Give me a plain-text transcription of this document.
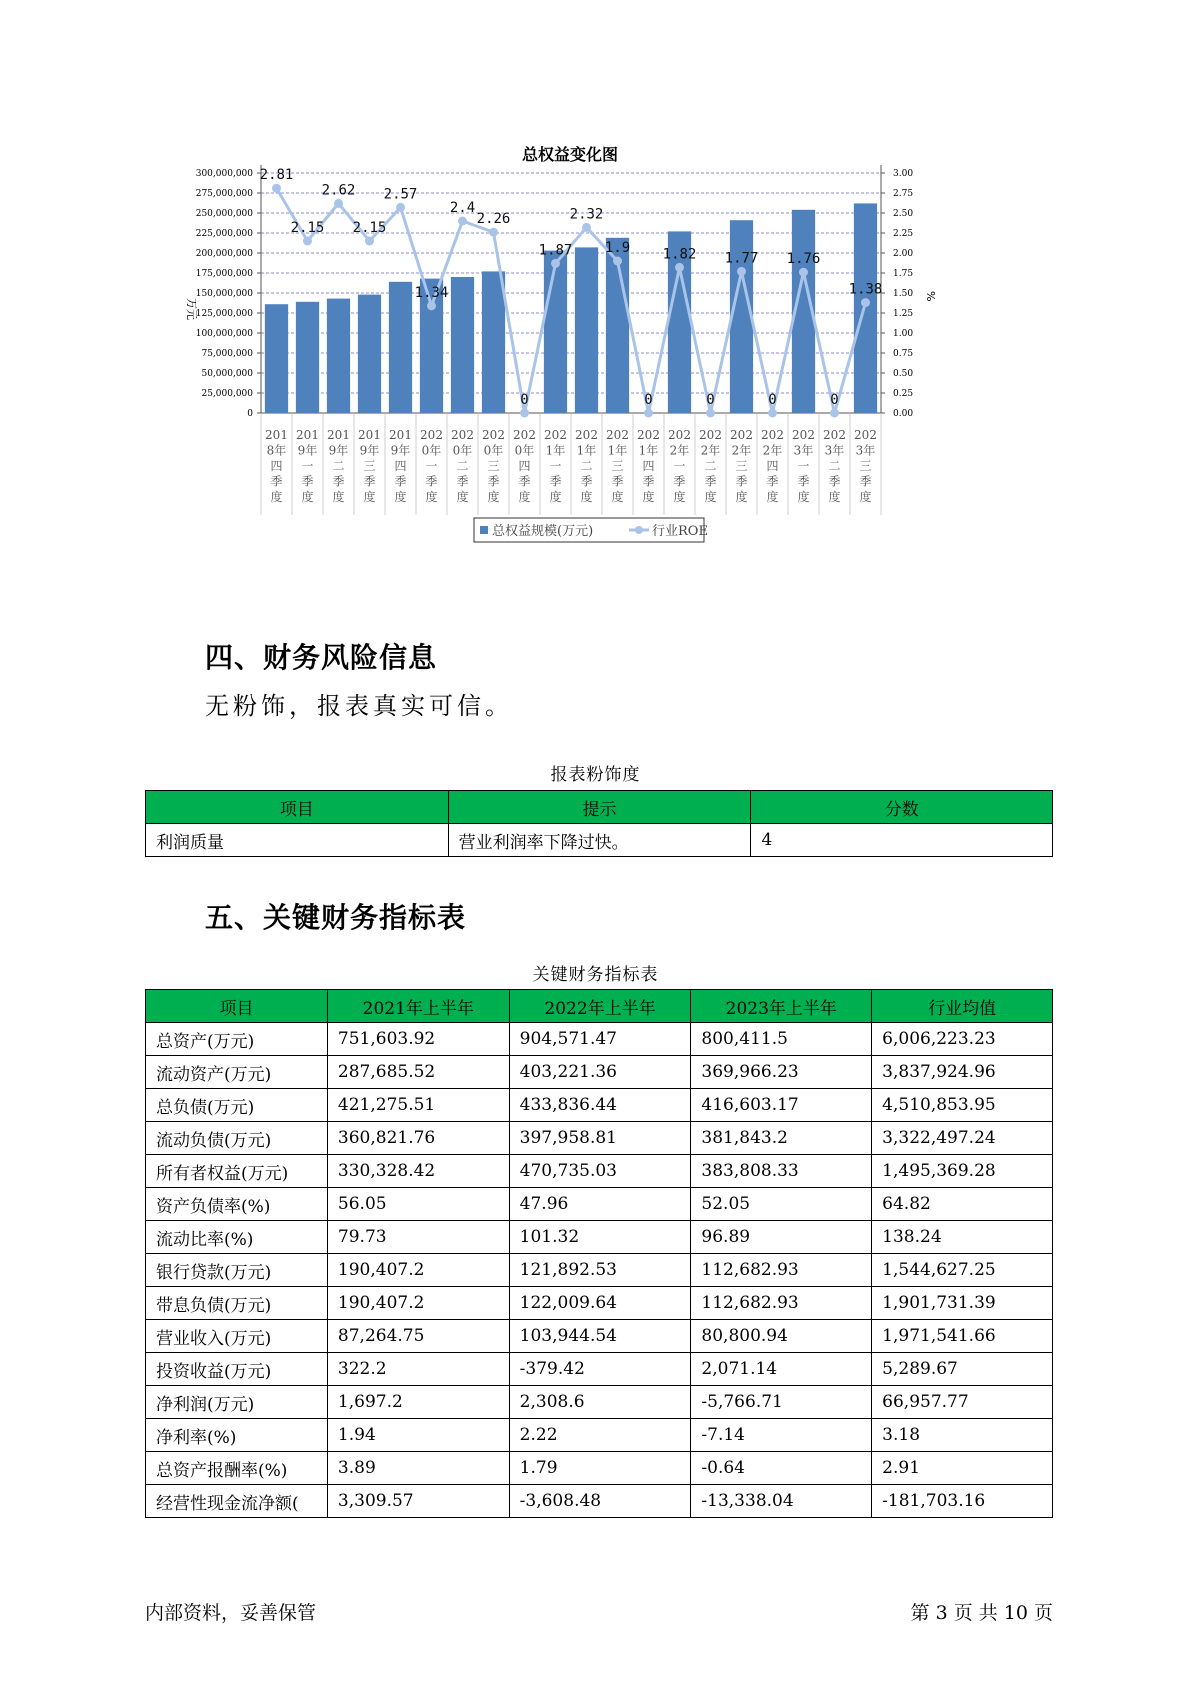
总权益变化图
300,000,000
275,000,000
250,000,000
225,000,000
200,000,000
175,000,000
150,000,000
125,000,000
100,000,000
75,000,000
50,000,000
25,000,000
0
3.00
2.75
2.50
2.25
2.00
1.75
1.50
1.25
1.00
0.75
0.50
0.25
0.00
万元
%
2.81
2.15
2.62
2.15
2.57
1.34
2.4
2.26
0
1.87
2.32
1.9
0
1.82
0
1.77
0
1.76
0
1.38
201
8年
四
季
度
201
9年
一
季
度
201
9年
二
季
度
201
9年
三
季
度
201
9年
四
季
度
202
0年
一
季
度
202
0年
二
季
度
202
0年
三
季
度
202
0年
四
季
度
202
1年
一
季
度
202
1年
二
季
度
202
1年
三
季
度
202
1年
四
季
度
202
2年
一
季
度
202
2年
二
季
度
202
2年
三
季
度
202
2年
四
季
度
202
3年
一
季
度
202
3年
二
季
度
202
3年
三
季
度
总权益规模(万元)	行业ROE
四、财务风险信息
无粉饰，报表真实可信。
报表粉饰度
项目	提示	分数
利润质量	营业利润率下降过快。	4
五、关键财务指标表
关键财务指标表
项目	2021年上半年	2022年上半年	2023年上半年	行业均值
总资产(万元)	751,603.92	904,571.47	800,411.5	6,006,223.23
流动资产(万元)	287,685.52	403,221.36	369,966.23	3,837,924.96
总负债(万元)	421,275.51	433,836.44	416,603.17	4,510,853.95
流动负债(万元)	360,821.76	397,958.81	381,843.2	3,322,497.24
所有者权益(万元)	330,328.42	470,735.03	383,808.33	1,495,369.28
资产负债率(%)	56.05	47.96	52.05	64.82
流动比率(%)	79.73	101.32	96.89	138.24
银行贷款(万元)	190,407.2	121,892.53	112,682.93	1,544,627.25
带息负债(万元)	190,407.2	122,009.64	112,682.93	1,901,731.39
营业收入(万元)	87,264.75	103,944.54	80,800.94	1,971,541.66
投资收益(万元)	322.2	-379.42	2,071.14	5,289.67
净利润(万元)	1,697.2	2,308.6	-5,766.71	66,957.77
净利率(%)	1.94	2.22	-7.14	3.18
总资产报酬率(%)	3.89	1.79	-0.64	2.91
经营性现金流净额(	3,309.57	-3,608.48	-13,338.04	-181,703.16
内部资料，妥善保管	第 3 页 共 10 页
